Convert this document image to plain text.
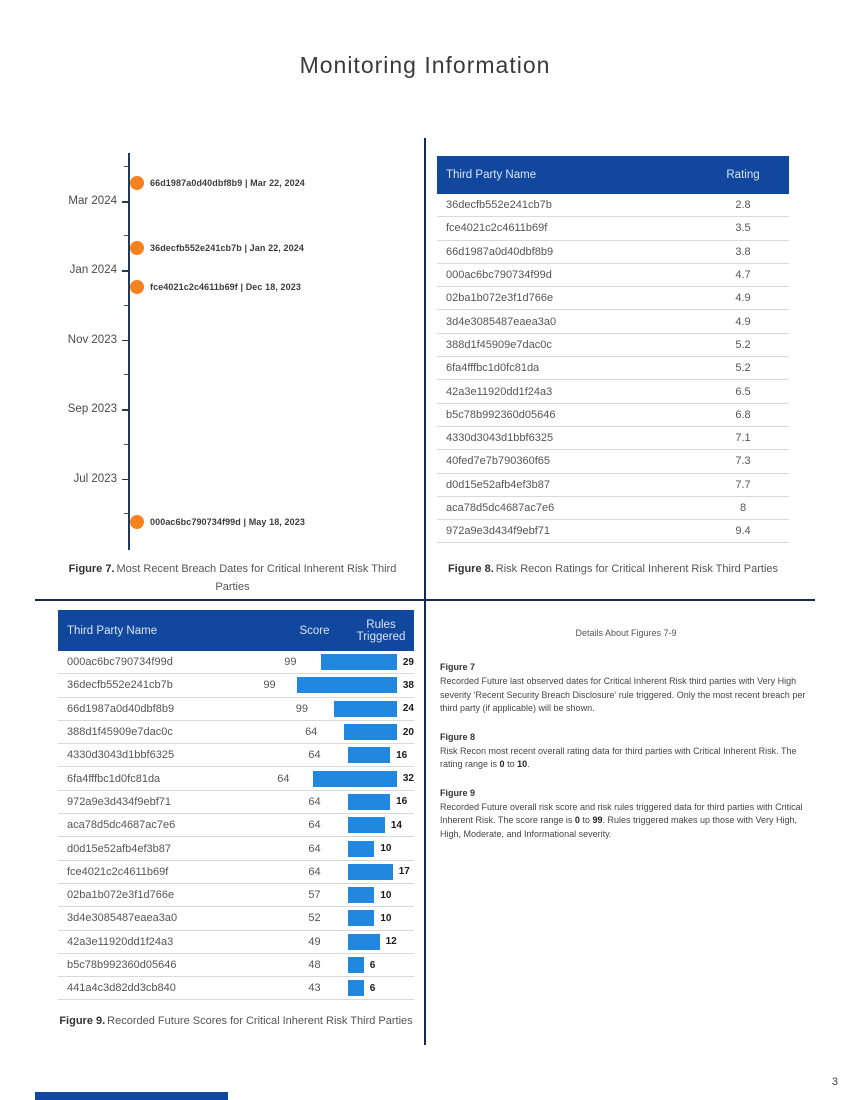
Monitoring Information
Mar 2024
Jan 2024
Nov 2023
Sep 2023
Jul 2023
66d1987a0d40dbf8b9 | Mar 22, 2024
36decfb552e241cb7b | Jan 22, 2024
fce4021c2c4611b69f | Dec 18, 2023
000ac6bc790734f99d | May 18, 2023
Figure 7. Most Recent Breach Dates for Critical Inherent Risk Third Parties
Third Party Name	Rating
36decfb552e241cb7b	2.8
fce4021c2c4611b69f	3.5
66d1987a0d40dbf8b9	3.8
000ac6bc790734f99d	4.7
02ba1b072e3f1d766e	4.9
3d4e3085487eaea3a0	4.9
388d1f45909e7dac0c	5.2
6fa4fffbc1d0fc81da	5.2
42a3e11920dd1f24a3	6.5
b5c78b992360d05646	6.8
4330d3043d1bbf6325	7.1
40fed7e7b790360f65	7.3
d0d15e52afb4ef3b87	7.7
aca78d5dc4687ac7e6	8
972a9e3d434f9ebf71	9.4
Figure 8. Risk Recon Ratings for Critical Inherent Risk Third Parties
Third Party Name	Score	Rules Triggered
000ac6bc790734f99d	99	29
36decfb552e241cb7b	99	38
66d1987a0d40dbf8b9	99	24
388d1f45909e7dac0c	64	20
4330d3043d1bbf6325	64	16
6fa4fffbc1d0fc81da	64	32
972a9e3d434f9ebf71	64	16
aca78d5dc4687ac7e6	64	14
d0d15e52afb4ef3b87	64	10
fce4021c2c4611b69f	64	17
02ba1b072e3f1d766e	57	10
3d4e3085487eaea3a0	52	10
42a3e11920dd1f24a3	49	12
b5c78b992360d05646	48	6
441a4c3d82dd3cb840	43	6
Figure 9. Recorded Future Scores for Critical Inherent Risk Third Parties
Details About Figures 7-9
Figure 7
Recorded Future last observed dates for Critical Inherent Risk third parties with Very High severity ‘Recent Security Breach Disclosure’ rule triggered. Only the most recent breach per third party (if applicable) will be shown.
Figure 8
Risk Recon most recent overall rating data for third parties with Critical Inherent Risk. The rating range is 0 to 10.
Figure 9
Recorded Future overall risk score and risk rules triggered data for third parties with Critical Inherent Risk. The score range is 0 to 99. Rules triggered makes up those with Very High, High, Moderate, and Informational severity.
3
